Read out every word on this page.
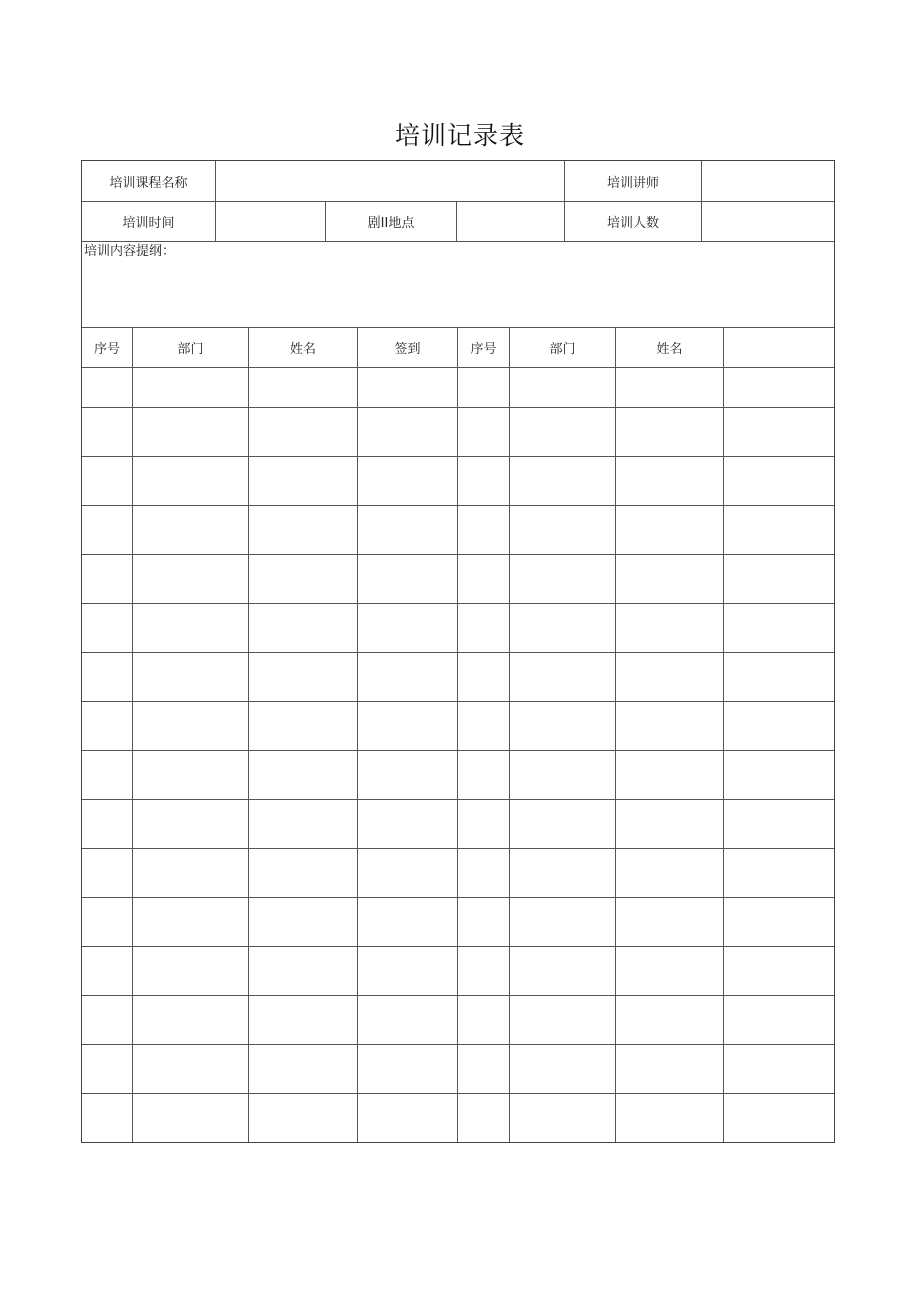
培训记录表
培训课程名称	培训讲师
培训时间	剧II地点	培训人数
培训内容提纲：
序号	部门	姓名	签到	序号	部门	姓名
